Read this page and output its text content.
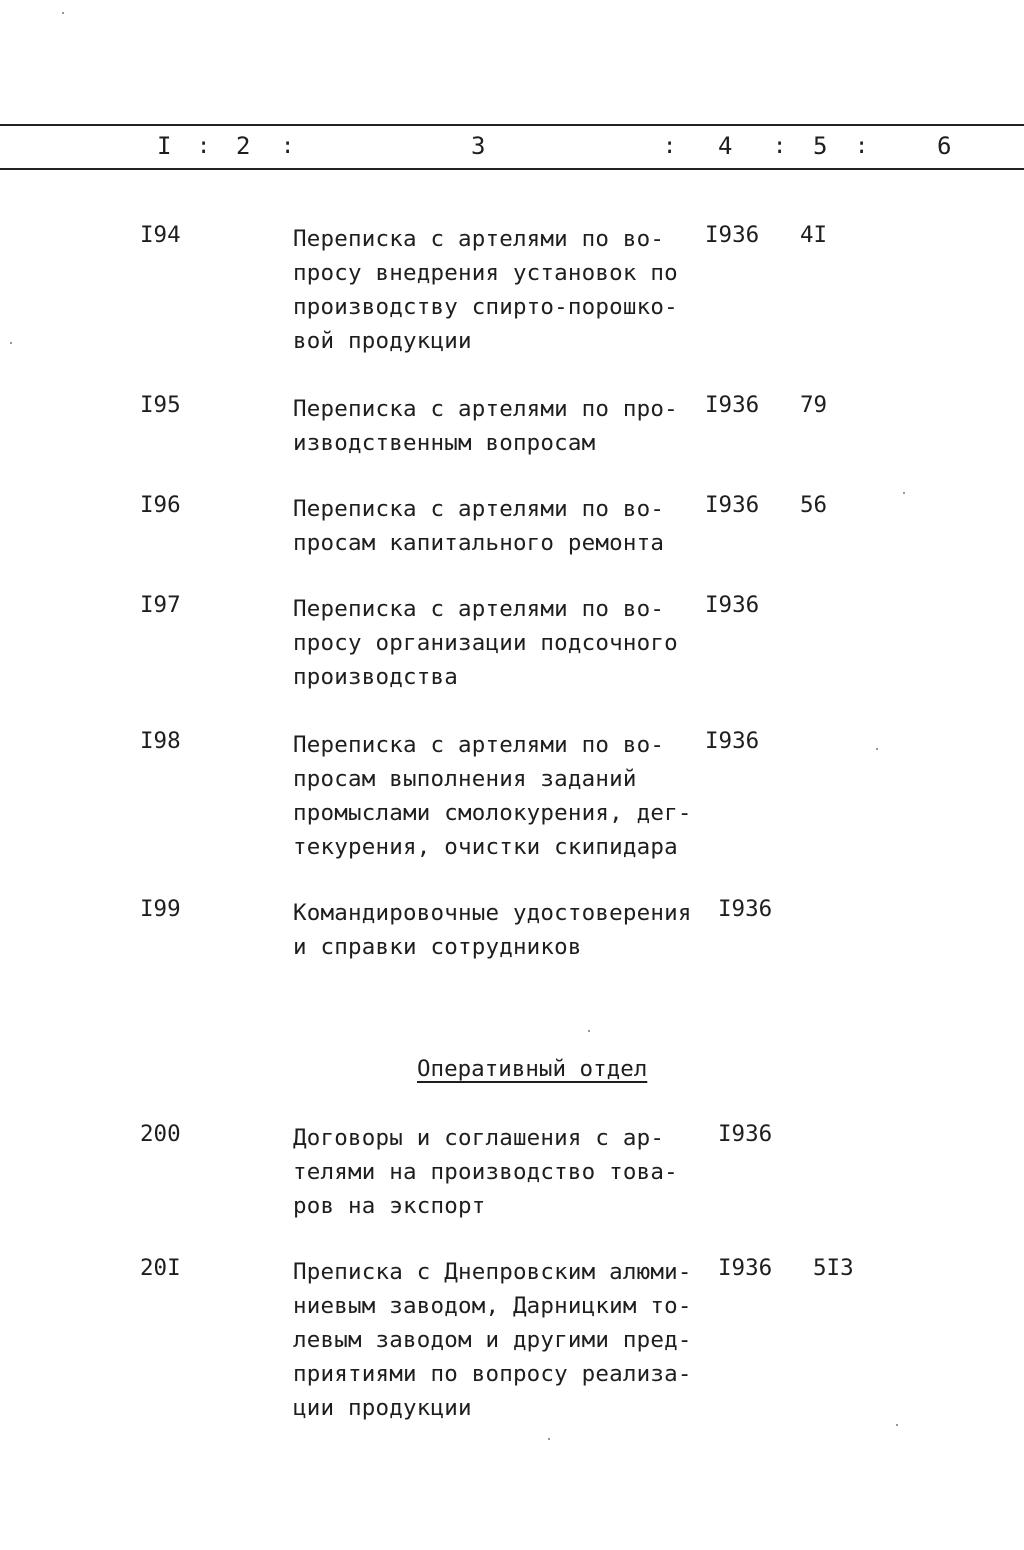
I : 2 :	3	: 4 : 5 :	6
I94	Переписка с артелями по во-
просу внедрения установок по
производству спирто-порошко-
вой продукции
I936 4I
I95	Переписка с артелями по про-
изводственным вопросам
I936 79
I96	Переписка с артелями по во-
просам капитального ремонта
I936 56
I97	Переписка с артелями по во-
просу организации подсочного
производства
I936
I98	Переписка с артелями по во-
просам выполнения заданий
промыслами смолокурения, дег-
текурения, очистки скипидара
I936
I99	Командировочные удостоверения
и справки сотрудников
I936
Оперативный отдел
200	Договоры и соглашения с ар-
телями на производство това-
ров на экспорт
I936
20I	Преписка с Днепровским алюми-
ниевым заводом, Дарницким то-
левым заводом и другими пред-
приятиями по вопросу реализа-
ции продукции
I936 5I3
